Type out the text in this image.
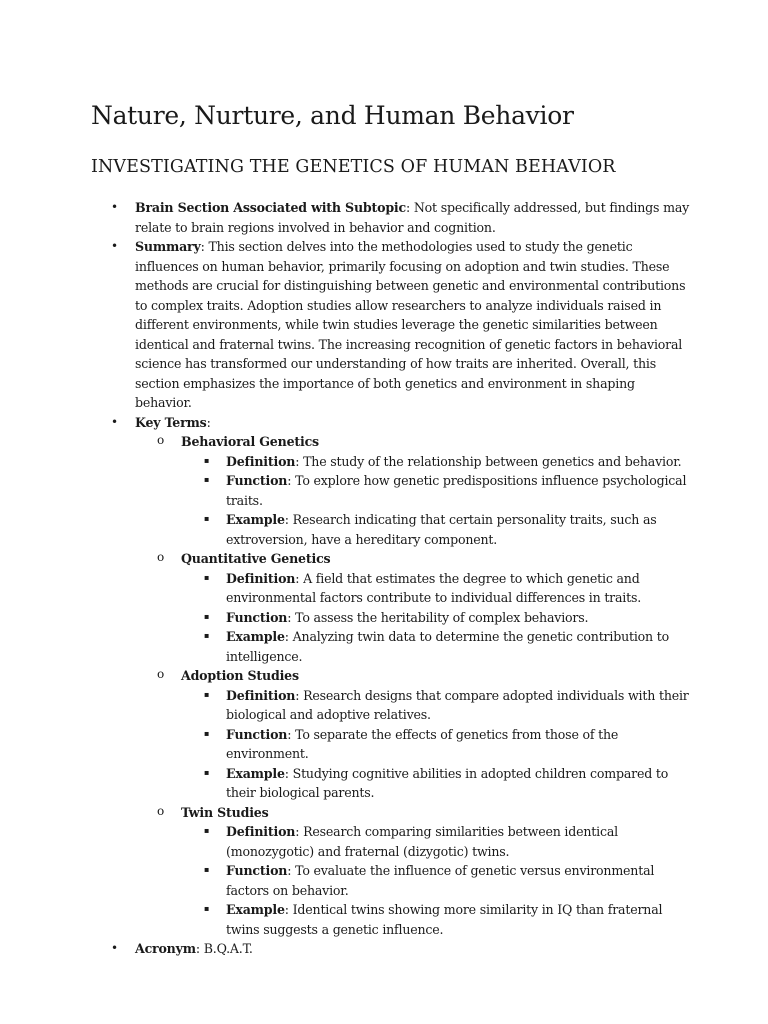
Nature, Nurture, and Human Behavior
INVESTIGATING THE GENETICS OF HUMAN BEHAVIOR
• Brain Section Associated with Subtopic: Not specifically addressed, but findings may relate to brain regions involved in behavior and cognition.
• Summary: This section delves into the methodologies used to study the genetic influences on human behavior, primarily focusing on adoption and twin studies. These methods are crucial for distinguishing between genetic and environmental contributions to complex traits. Adoption studies allow researchers to analyze individuals raised in different environments, while twin studies leverage the genetic similarities between identical and fraternal twins. The increasing recognition of genetic factors in behavioral science has transformed our understanding of how traits are inherited. Overall, this section emphasizes the importance of both genetics and environment in shaping behavior.
• Key Terms:
o Behavioral Genetics
▪ Definition: The study of the relationship between genetics and behavior.
▪ Function: To explore how genetic predispositions influence psychological traits.
▪ Example: Research indicating that certain personality traits, such as extroversion, have a hereditary component.
o Quantitative Genetics
▪ Definition: A field that estimates the degree to which genetic and environmental factors contribute to individual differences in traits.
▪ Function: To assess the heritability of complex behaviors.
▪ Example: Analyzing twin data to determine the genetic contribution to intelligence.
o Adoption Studies
▪ Definition: Research designs that compare adopted individuals with their biological and adoptive relatives.
▪ Function: To separate the effects of genetics from those of the environment.
▪ Example: Studying cognitive abilities in adopted children compared to their biological parents.
o Twin Studies
▪ Definition: Research comparing similarities between identical (monozygotic) and fraternal (dizygotic) twins.
▪ Function: To evaluate the influence of genetic versus environmental factors on behavior.
▪ Example: Identical twins showing more similarity in IQ than fraternal twins suggests a genetic influence.
• Acronym: B.Q.A.T.
